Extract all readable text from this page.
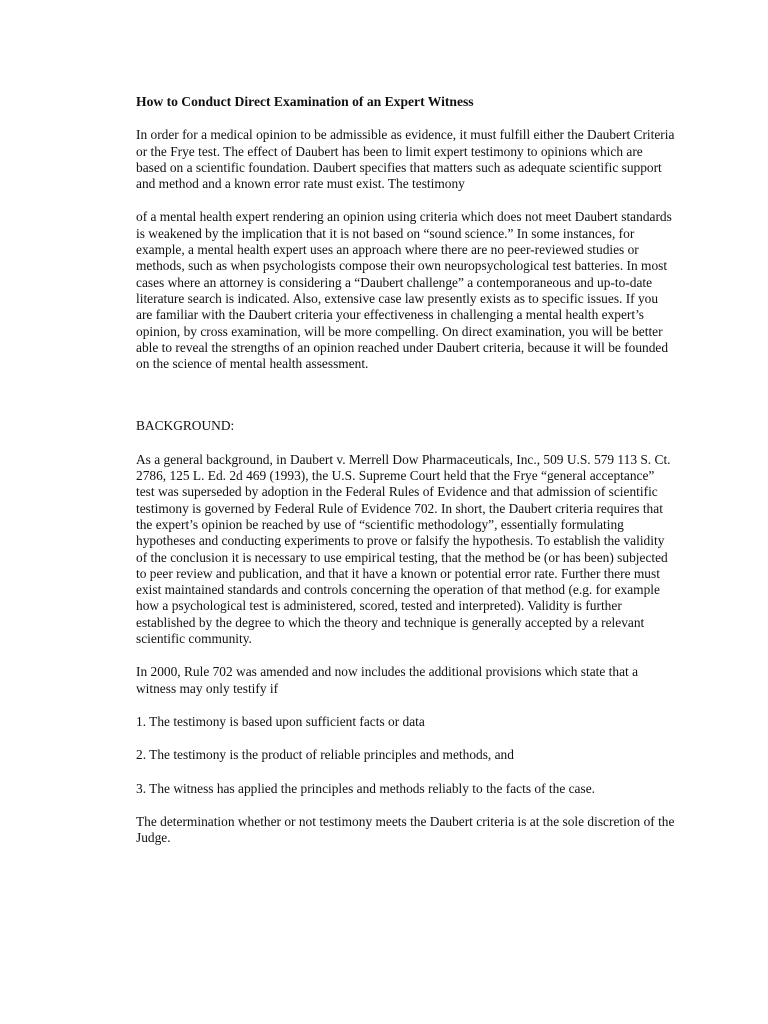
How to Conduct Direct Examination of an Expert Witness

In order for a medical opinion to be admissible as evidence, it must fulfill either the Daubert Criteria or the Frye test. The effect of Daubert has been to limit expert testimony to opinions which are based on a scientific foundation. Daubert specifies that matters such as adequate scientific support and method and a known error rate must exist. The testimony

of a mental health expert rendering an opinion using criteria which does not meet Daubert standards is weakened by the implication that it is not based on “sound science.” In some instances, for example, a mental health expert uses an approach where there are no peer-reviewed studies or methods, such as when psychologists compose their own neuropsychological test batteries. In most cases where an attorney is considering a “Daubert challenge” a contemporaneous and up-to-date literature search is indicated. Also, extensive case law presently exists as to specific issues. If you are familiar with the Daubert criteria your effectiveness in challenging a mental health expert’s opinion, by cross examination, will be more compelling. On direct examination, you will be better able to reveal the strengths of an opinion reached under Daubert criteria, because it will be founded on the science of mental health assessment.

BACKGROUND:

As a general background, in Daubert v. Merrell Dow Pharmaceuticals, Inc., 509 U.S. 579 113 S. Ct. 2786, 125 L. Ed. 2d 469 (1993), the U.S. Supreme Court held that the Frye “general acceptance” test was superseded by adoption in the Federal Rules of Evidence and that admission of scientific testimony is governed by Federal Rule of Evidence 702. In short, the Daubert criteria requires that the expert’s opinion be reached by use of “scientific methodology”, essentially formulating hypotheses and conducting experiments to prove or falsify the hypothesis. To establish the validity of the conclusion it is necessary to use empirical testing, that the method be (or has been) subjected to peer review and publication, and that it have a known or potential error rate. Further there must exist maintained standards and controls concerning the operation of that method (e.g. for example how a psychological test is administered, scored, tested and interpreted). Validity is further established by the degree to which the theory and technique is generally accepted by a relevant scientific community.

In 2000, Rule 702 was amended and now includes the additional provisions which state that a witness may only testify if

1. The testimony is based upon sufficient facts or data

2. The testimony is the product of reliable principles and methods, and

3. The witness has applied the principles and methods reliably to the facts of the case.

The determination whether or not testimony meets the Daubert criteria is at the sole discretion of the Judge.
